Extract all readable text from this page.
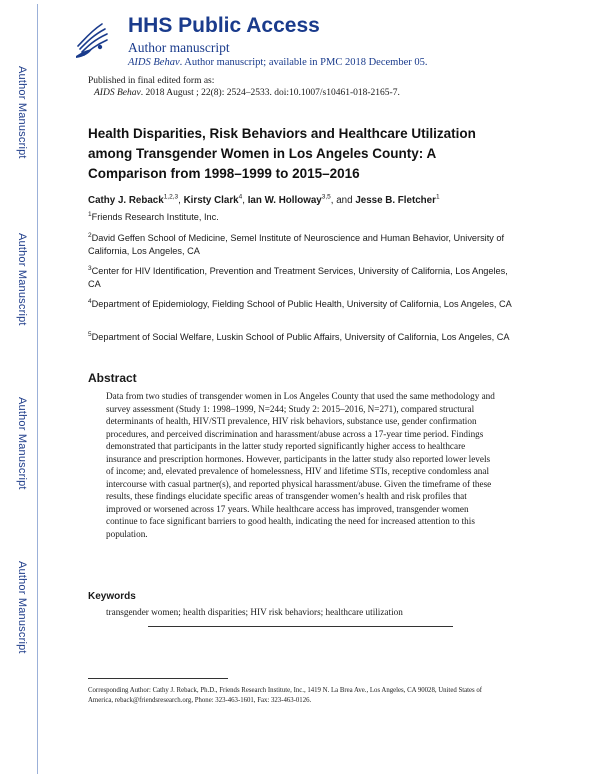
Author Manuscript
Author Manuscript
Author Manuscript
Author Manuscript
HHS Public Access
Author manuscript
AIDS Behav. Author manuscript; available in PMC 2018 December 05.
Published in final edited form as:
AIDS Behav. 2018 August ; 22(8): 2524–2533. doi:10.1007/s10461-018-2165-7.
Health Disparities, Risk Behaviors and Healthcare Utilization among Transgender Women in Los Angeles County: A Comparison from 1998–1999 to 2015–2016
Cathy J. Reback$^{1,2,3}$, Kirsty Clark$^4$, Ian W. Holloway$^{3,5}$, and Jesse B. Fletcher$^1$
$^1$Friends Research Institute, Inc.
$^2$David Geffen School of Medicine, Semel Institute of Neuroscience and Human Behavior, University of California, Los Angeles, CA
$^3$Center for HIV Identification, Prevention and Treatment Services, University of California, Los Angeles, CA
$^4$Department of Epidemiology, Fielding School of Public Health, University of California, Los Angeles, CA
$^5$Department of Social Welfare, Luskin School of Public Affairs, University of California, Los Angeles, CA
Abstract
Data from two studies of transgender women in Los Angeles County that used the same methodology and survey assessment (Study 1: 1998–1999, N=244; Study 2: 2015–2016, N=271), compared structural determinants of health, HIV/STI prevalence, HIV risk behaviors, substance use, gender confirmation procedures, and perceived discrimination and harassment/abuse across a 17-year time period. Findings demonstrated that participants in the latter study reported significantly higher access to healthcare insurance and prescription hormones. However, participants in the latter study also reported lower levels of income; and, elevated prevalence of homelessness, HIV and lifetime STIs, receptive condomless anal intercourse with casual partner(s), and reported physical harassment/abuse. Given the timeframe of these results, these findings elucidate specific areas of transgender women’s health and risk profiles that improved or worsened across 17 years. While healthcare access has improved, transgender women continue to face significant barriers to good health, indicating the need for increased attention to this population.
Keywords
transgender women; health disparities; HIV risk behaviors; healthcare utilization
Corresponding Author: Cathy J. Reback, Ph.D., Friends Research Institute, Inc., 1419 N. La Brea Ave., Los Angeles, CA 90028, United States of America, reback@friendsresearch.org, Phone: 323-463-1601, Fax: 323-463-0126.
